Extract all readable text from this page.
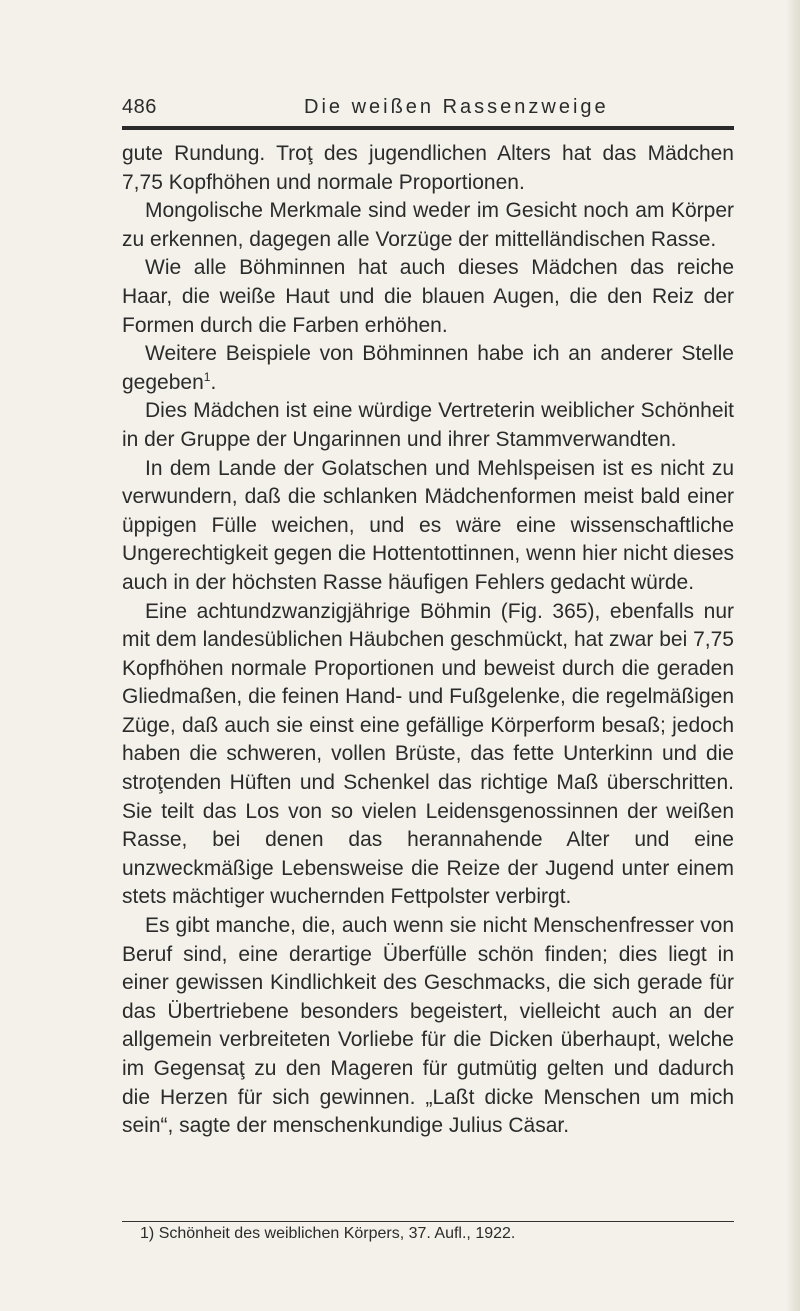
486	Die weißen Rassenzweige

gute Rundung. Troţ des jugendlichen Alters hat das Mädchen 7,75 Kopfhöhen und normale Proportionen.

Mongolische Merkmale sind weder im Gesicht noch am Körper zu erkennen, dagegen alle Vorzüge der mittelländischen Rasse.

Wie alle Böhminnen hat auch dieses Mädchen das reiche Haar, die weiße Haut und die blauen Augen, die den Reiz der Formen durch die Farben erhöhen.

Weitere Beispiele von Böhminnen habe ich an anderer Stelle gegeben$^1$.

Dies Mädchen ist eine würdige Vertreterin weiblicher Schönheit in der Gruppe der Ungarinnen und ihrer Stammverwandten.

In dem Lande der Golatschen und Mehlspeisen ist es nicht zu verwundern, daß die schlanken Mädchenformen meist bald einer üppigen Fülle weichen, und es wäre eine wissenschaftliche Ungerechtigkeit gegen die Hottentottinnen, wenn hier nicht dieses auch in der höchsten Rasse häufigen Fehlers gedacht würde.

Eine achtundzwanzigjährige Böhmin (Fig. 365), ebenfalls nur mit dem landesüblichen Häubchen geschmückt, hat zwar bei 7,75 Kopfhöhen normale Proportionen und beweist durch die geraden Gliedmaßen, die feinen Hand- und Fußgelenke, die regelmäßigen Züge, daß auch sie einst eine gefällige Körperform besaß; jedoch haben die schweren, vollen Brüste, das fette Unterkinn und die stroţenden Hüften und Schenkel das richtige Maß überschritten. Sie teilt das Los von so vielen Leidensgenossinnen der weißen Rasse, bei denen das herannahende Alter und eine unzweckmäßige Lebensweise die Reize der Jugend unter einem stets mächtiger wuchernden Fettpolster verbirgt.

Es gibt manche, die, auch wenn sie nicht Menschenfresser von Beruf sind, eine derartige Überfülle schön finden; dies liegt in einer gewissen Kindlichkeit des Geschmacks, die sich gerade für das Übertriebene besonders begeistert, vielleicht auch an der allgemein verbreiteten Vorliebe für die Dicken überhaupt, welche im Gegensaţ zu den Mageren für gutmütig gelten und dadurch die Herzen für sich gewinnen. „Laßt dicke Menschen um mich sein“, sagte der menschenkundige Julius Cäsar.

1) Schönheit des weiblichen Körpers, 37. Aufl., 1922.
